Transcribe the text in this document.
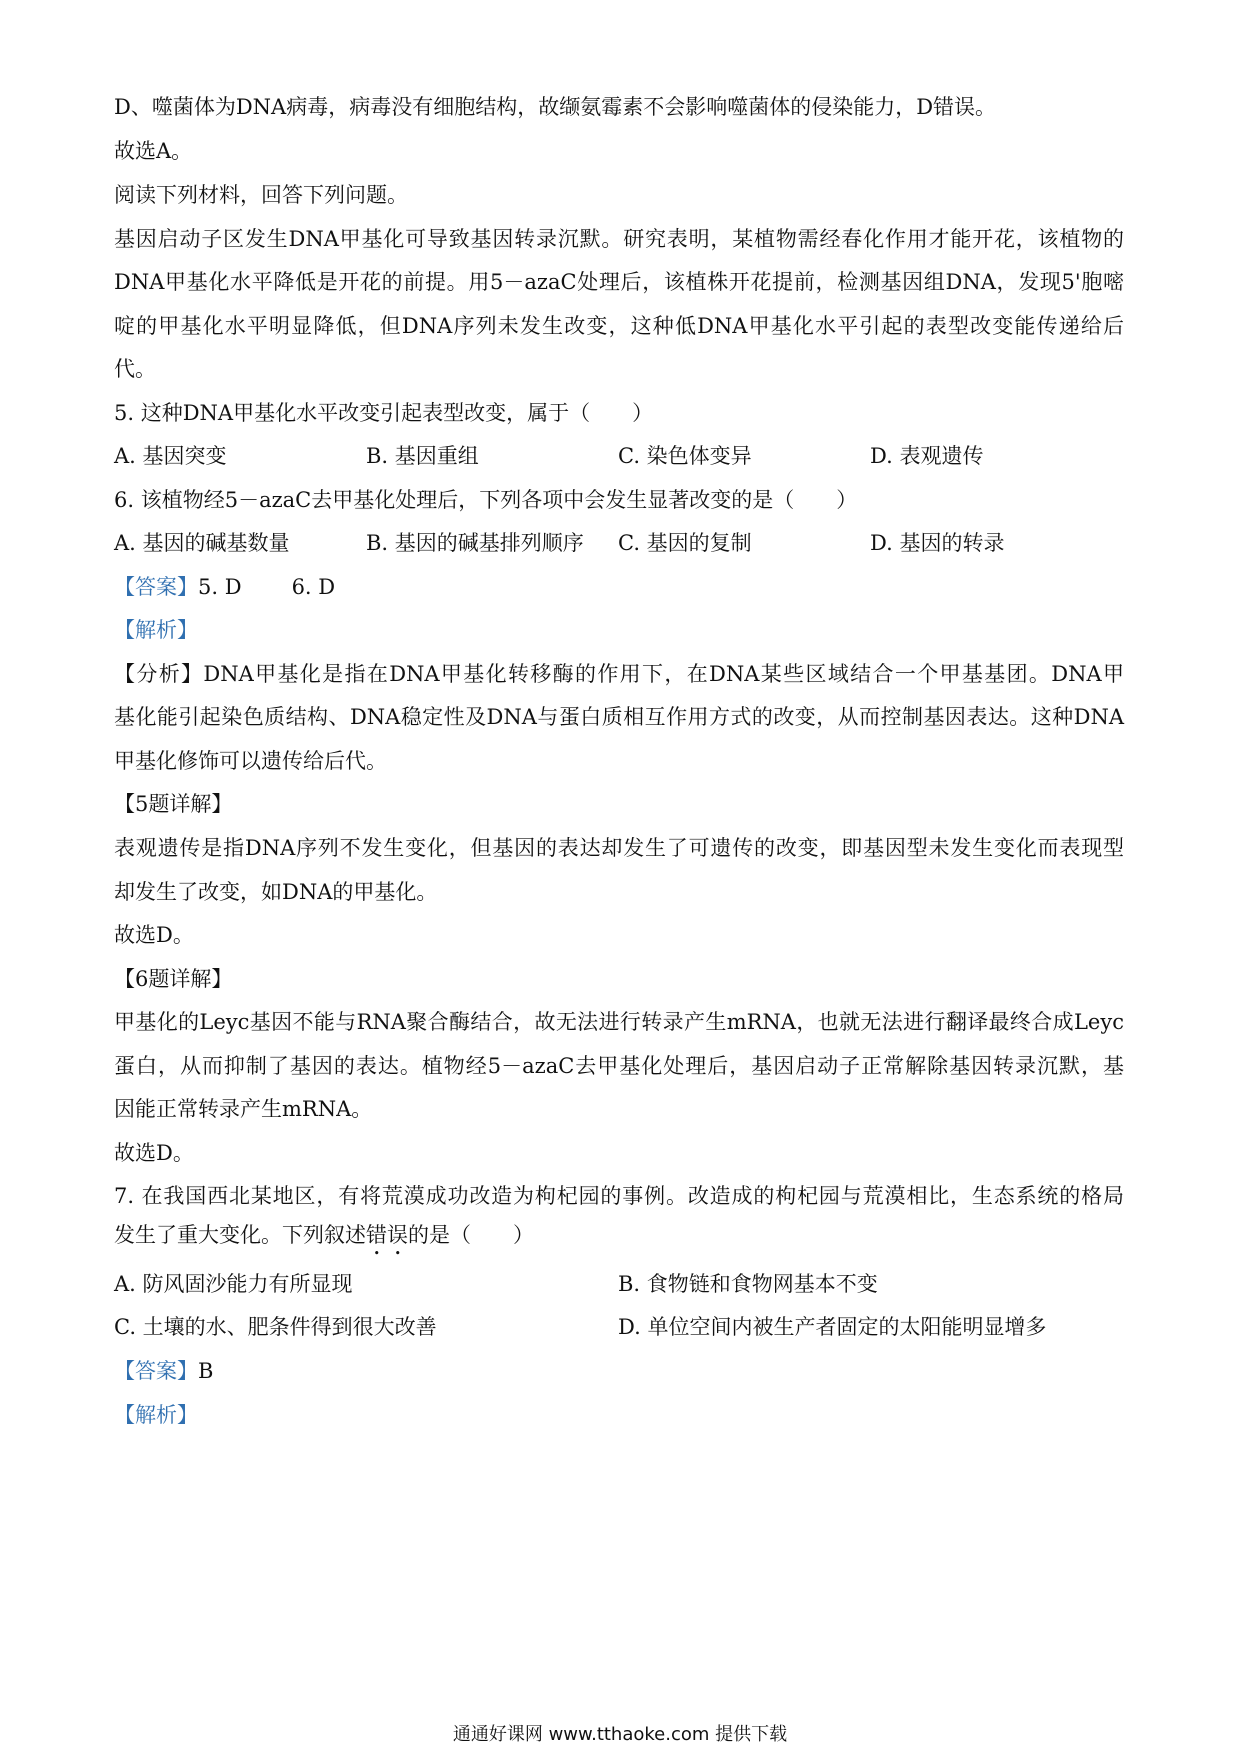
D、噬菌体为DNA病毒，病毒没有细胞结构，故缬氨霉素不会影响噬菌体的侵染能力，D错误。
故选A。
阅读下列材料，回答下列问题。
基因启动子区发生DNA甲基化可导致基因转录沉默。研究表明，某植物需经春化作用才能开花，该植物的
DNA甲基化水平降低是开花的前提。用5－azaC处理后，该植株开花提前，检测基因组DNA，发现5'胞嘧
啶的甲基化水平明显降低，但DNA序列未发生改变，这种低DNA甲基化水平引起的表型改变能传递给后
代。
5. 这种DNA甲基化水平改变引起表型改变，属于（　　）
A. 基因突变	B. 基因重组	C. 染色体变异	D. 表观遗传
6. 该植物经5－azaC去甲基化处理后，下列各项中会发生显著改变的是（　　）
A. 基因的碱基数量	B. 基因的碱基排列顺序 C. 基因的复制	D. 基因的转录
【答案】5. D 6. D
【解析】
【分析】DNA甲基化是指在DNA甲基化转移酶的作用下，在DNA某些区域结合一个甲基基团。DNA甲
基化能引起染色质结构、DNA稳定性及DNA与蛋白质相互作用方式的改变，从而控制基因表达。这种DNA
甲基化修饰可以遗传给后代。
【5题详解】
表观遗传是指DNA序列不发生变化，但基因的表达却发生了可遗传的改变，即基因型未发生变化而表现型
却发生了改变，如DNA的甲基化。
故选D。
【6题详解】
甲基化的Leyc基因不能与RNA聚合酶结合，故无法进行转录产生mRNA，也就无法进行翻译最终合成Leyc
蛋白，从而抑制了基因的表达。植物经5－azaC去甲基化处理后，基因启动子正常解除基因转录沉默，基
因能正常转录产生mRNA。
故选D。
7. 在我国西北某地区，有将荒漠成功改造为枸杞园的事例。改造成的枸杞园与荒漠相比，生态系统的格局
发生了重大变化。下列叙述错误的是（　　）
A. 防风固沙能力有所显现	B. 食物链和食物网基本不变
C. 土壤的水、肥条件得到很大改善	D. 单位空间内被生产者固定的太阳能明显增多
【答案】B
【解析】
通通好课网 www.tthaoke.com 提供下载
